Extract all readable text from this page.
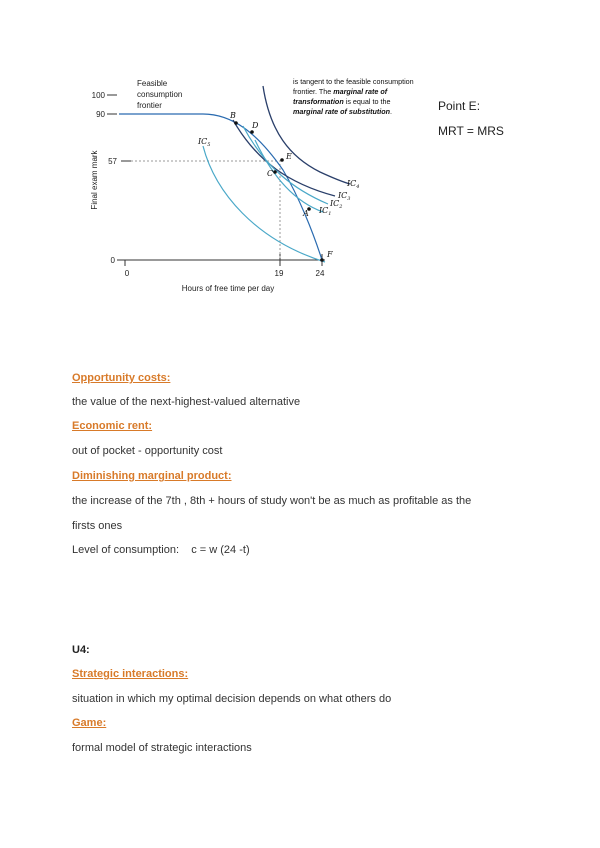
B
D
E
C
A
F
$IC_4$
$IC_3$
$IC_2$
$IC_1$
$IC_5$
100
90
57
0
0	19	24
Hours of free time per day
Final exam mark
Feasible
consumption
frontier
is tangent to the feasible consumption
frontier. The marginal rate of
transformation is equal to the
marginal rate of substitution.	Point E:
MRT = MRS
Opportunity costs:
the value of the next-highest-valued alternative
Economic rent:
out of pocket - opportunity cost
Diminishing marginal product:
the increase of the 7th , 8th + hours of study won't be as much as profitable as the
firsts ones
Level of consumption:    c = w (24 -t)
U4:
Strategic interactions:
situation in which my optimal decision depends on what others do
Game:
formal model of strategic interactions
